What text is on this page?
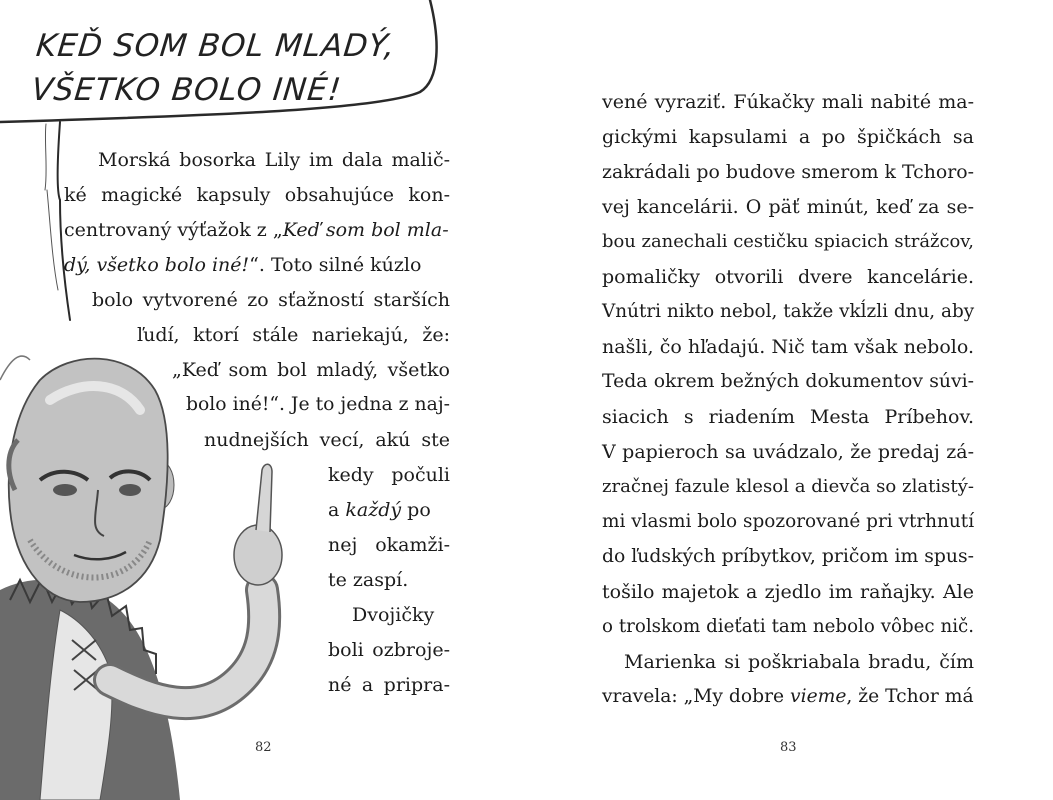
KEĎ SOM BOL MLADÝ,
VŠETKO BOLO INÉ!
Morská bosorka Lily im dala malič-
ké magické kapsuly obsahujúce kon-
centrovaný výťažok z „Keď som bol mla-
dý, všetko bolo iné!“. Toto silné kúzlo
bolo vytvorené zo sťažností starších
ľudí, ktorí stále nariekajú, že:
„Keď som bol mladý, všetko
bolo iné!“. Je to jedna z naj-
nudnejších vecí, akú ste
kedy počuli
a každý po
nej okamži-
te zaspí.
Dvojičky
boli ozbroje-
né a pripra-
82
vené vyraziť. Fúkačky mali nabité ma-
gickými kapsulami a po špičkách sa
zakrádali po budove smerom k Tchoro-
vej kancelárii. O päť minút, keď za se-
bou zanechali cestičku spiacich strážcov,
pomaličky otvorili dvere kancelárie.
Vnútri nikto nebol, takže vkĺzli dnu, aby
našli, čo hľadajú. Nič tam však nebolo.
Teda okrem bežných dokumentov súvi-
siacich s riadením Mesta Príbehov.
V papieroch sa uvádzalo, že predaj zá-
zračnej fazule klesol a dievča so zlatistý-
mi vlasmi bolo spozorované pri vtrhnutí
do ľudských príbytkov, pričom im spus-
tošilo majetok a zjedlo im raňajky. Ale
o trolskom dieťati tam nebolo vôbec nič.
Marienka si poškriabala bradu, čím
vravela: „My dobre vieme, že Tchor má
83
